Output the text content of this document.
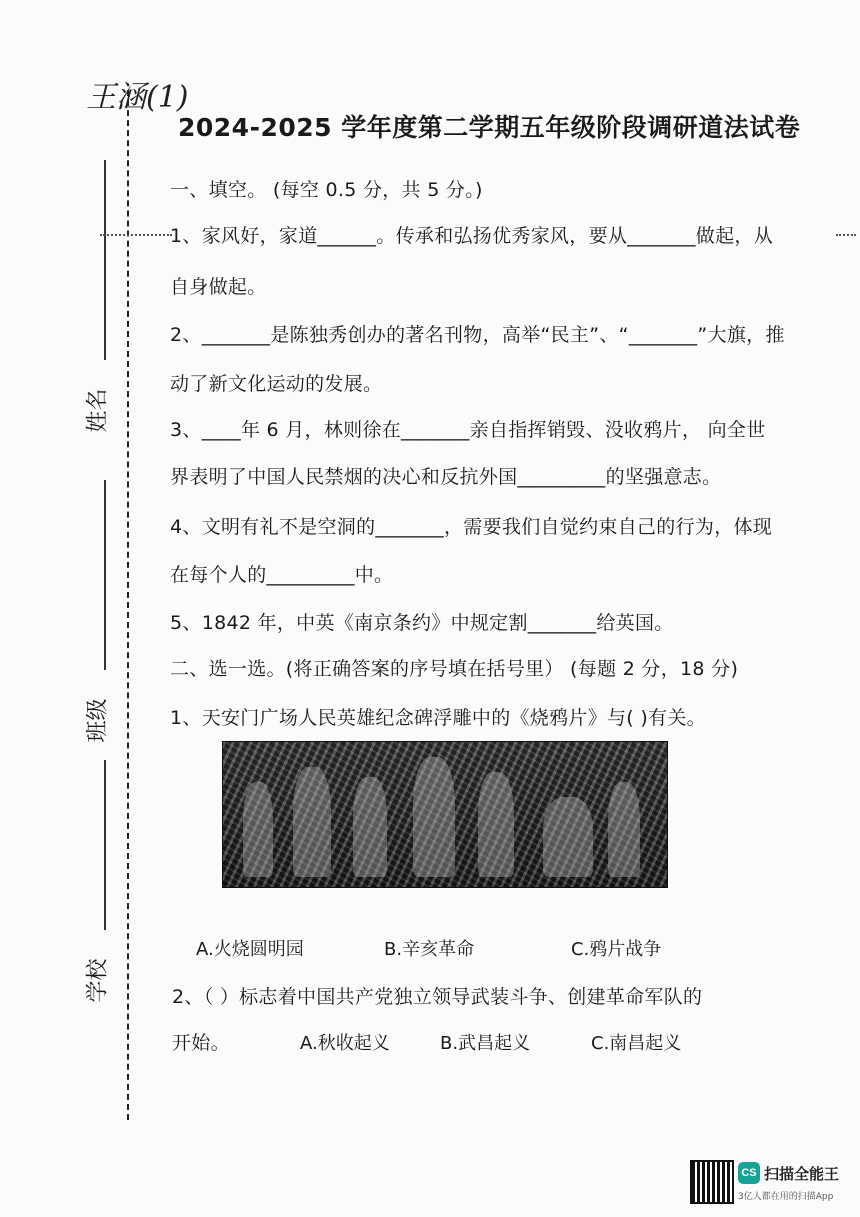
王涵(1)
姓名
班级
学校
2024-2025 学年度第二学期五年级阶段调研道法试卷
一、填空。 (每空 0.5 分，共 5 分。)
1、家风好，家道______。传承和弘扬优秀家风，要从_______做起，从
自身做起。
2、_______是陈独秀创办的著名刊物，高举“民主”、“_______”大旗，推
动了新文化运动的发展。
3、____年 6 月，林则徐在_______亲自指挥销毁、没收鸦片， 向全世
界表明了中国人民禁烟的决心和反抗外国_________的坚强意志。
4、文明有礼不是空洞的_______，需要我们自觉约束自己的行为，体现
在每个人的_________中。
5、1842 年，中英《南京条约》中规定割_______给英国。
二、选一选。(将正确答案的序号填在括号里） (每题 2 分，18 分)
1、天安门广场人民英雄纪念碑浮雕中的《烧鸦片》与( )有关。
A.火烧圆明园	B.辛亥革命	C.鸦片战争
2、（ ）标志着中国共产党独立领导武装斗争、创建革命军队的
开始。	A.秋收起义	B.武昌起义	C.南昌起义
CS 扫描全能王
3亿人都在用的扫描App
